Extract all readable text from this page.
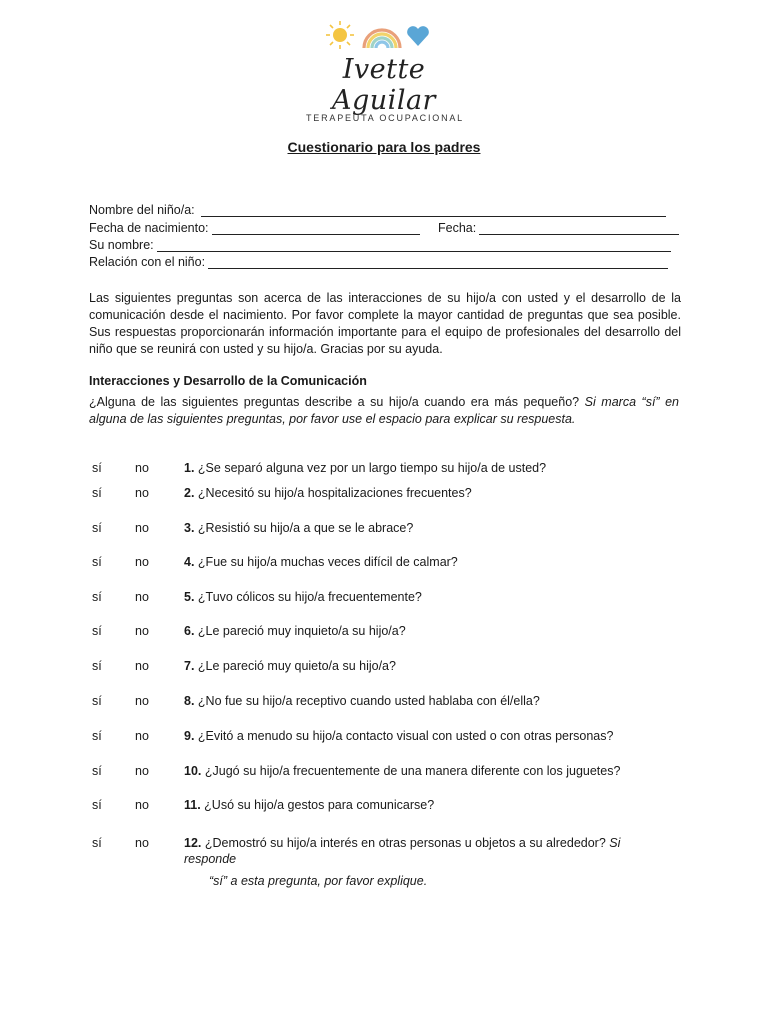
Ivette Aguilar
TERAPEUTA OCUPACIONAL
Cuestionario para los padres
Nombre del niño/a:
Fecha de nacimiento:	Fecha:
Su nombre:
Relación con el niño:
Las siguientes preguntas son acerca de las interacciones de su hijo/a con usted y el desarrollo de la comunicación desde el nacimiento. Por favor complete la mayor cantidad de preguntas que sea posible. Sus respuestas proporcionarán información importante para el equipo de profesionales del desarrollo del niño que se reunirá con usted y su hijo/a. Gracias por su ayuda.
Interacciones y Desarrollo de la Comunicación
¿Alguna de las siguientes preguntas describe a su hijo/a cuando era más pequeño? Si marca “sí” en alguna de las siguientes preguntas, por favor use el espacio para explicar su respuesta.
sí	no	1. ¿Se separó alguna vez por un largo tiempo su hijo/a de usted?
sí	no	2. ¿Necesitó su hijo/a hospitalizaciones frecuentes?
sí	no	3. ¿Resistió su hijo/a a que se le abrace?
sí	no	4. ¿Fue su hijo/a muchas veces difícil de calmar?
sí	no	5. ¿Tuvo cólicos su hijo/a frecuentemente?
sí	no	6. ¿Le pareció muy inquieto/a su hijo/a?
sí	no	7. ¿Le pareció muy quieto/a su hijo/a?
sí	no	8. ¿No fue su hijo/a receptivo cuando usted hablaba con él/ella?
sí	no	9. ¿Evitó a menudo su hijo/a contacto visual con usted o con otras personas?
sí	no	10. ¿Jugó su hijo/a frecuentemente de una manera diferente con los juguetes?
sí	no	11. ¿Usó su hijo/a gestos para comunicarse?
sí	no	12. ¿Demostró su hijo/a interés en otras personas u objetos a su alrededor? Si responde
“sí” a esta pregunta, por favor explique.
